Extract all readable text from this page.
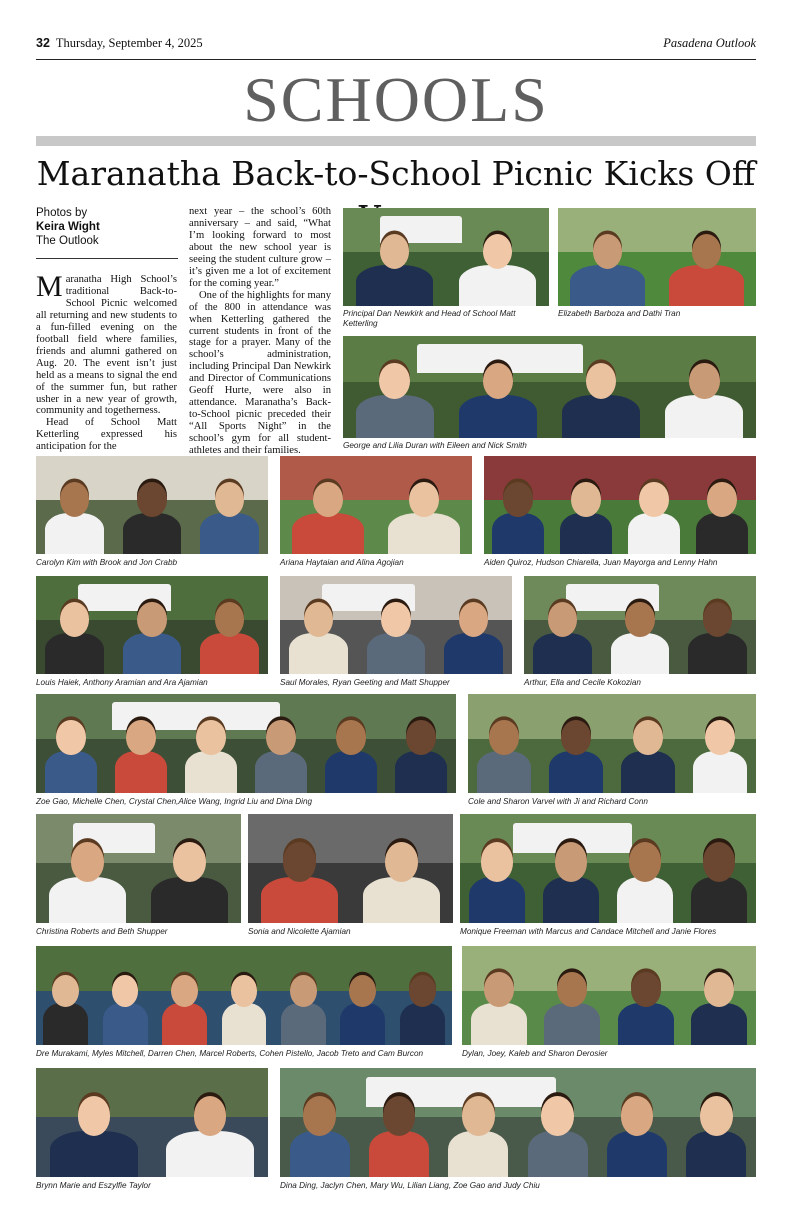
32 Thursday, September 4, 2025	Pasadena Outlook
SCHOOLS
Maranatha Back-to-School Picnic Kicks Off
Photos by
Keira Wight
The Outlook

Maranatha High School’s traditional Back-to-School Picnic welcomed all returning and new students to a fun-filled evening on the football field where families, friends and alumni gathered on Aug. 20. The event isn’t just held as a means to signal the end of the summer fun, but rather usher in a new year of growth, community and togetherness.

Head of School Matt Ketterling expressed his anticipation for the

next year – the school’s 60th anniversary – and said, “What I’m looking forward to most about the new school year is seeing the student culture grow – it’s given me a lot of excitement for the coming year.”

One of the highlights for many of the 800 in attendance was when Ketterling gathered the current students in front of the stage for a prayer. Many of the school’s administration, including Principal Dan Newkirk and Director of Communications Geoff Hurte, were also in attendance. Maranatha’s Back-to-School picnic preceded their “All Sports Night” in the school’s gym for all student-athletes and their families.

Principal Dan Newkirk and Head of School Matt Ketterling
Elizabeth Barboza and Dathi Tran
George and Lilia Duran with Eileen and Nick Smith
Carolyn Kim with Brook and Jon Crabb	Ariana Haytaian and Alina Agojian	Aiden Quiroz, Hudson Chiarella, Juan Mayorga and Lenny Hahn
Louis Haiek, Anthony Aramian and Ara Ajamian	Saul Morales, Ryan Geeting and Matt Shupper	Arthur, Ella and Cecile Kokozian
Zoe Gao, Michelle Chen, Crystal Chen,Alice Wang, Ingrid Liu and Dina Ding	Cole and Sharon Varvel with Ji and Richard Conn
Christina Roberts and Beth Shupper	Sonia and Nicolette Ajamian	Monique Freeman with Marcus and Candace Mitchell and Janie Flores
Dre Murakami, Myles Mitchell, Darren Chen, Marcel Roberts, Cohen Pistello, Jacob Treto and Cam Burcon	Dylan, Joey, Kaleb and Sharon Derosier
Brynn Marie and Eszylfie Taylor	Dina Ding, Jaclyn Chen, Mary Wu, Lilian Liang, Zoe Gao and Judy Chiu
